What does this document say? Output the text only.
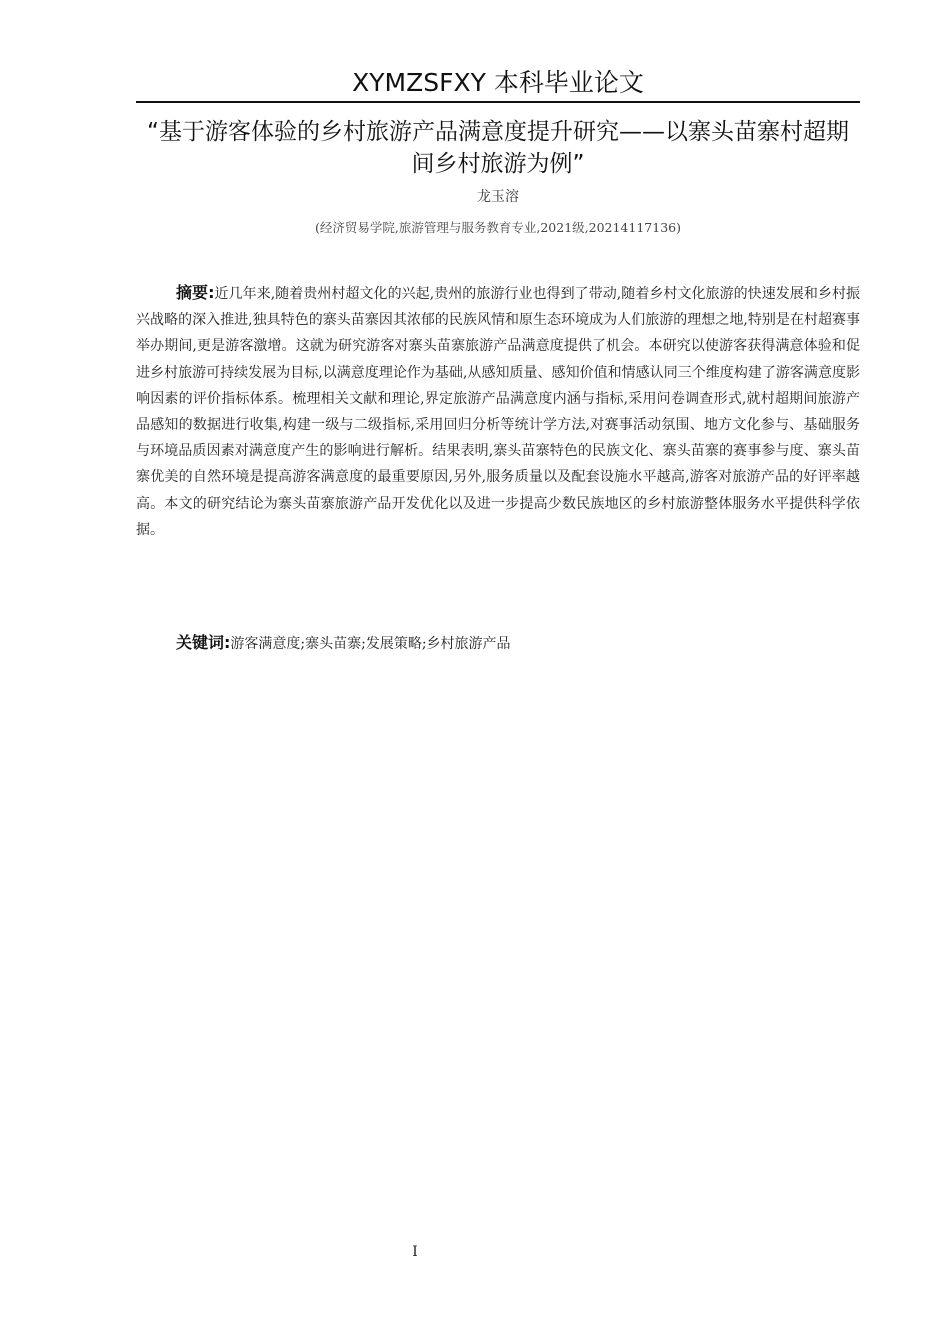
XYMZSFXY 本科毕业论文
“基于游客体验的乡村旅游产品满意度提升研究——以寨头苗寨村超期间乡村旅游为例”
龙玉溶
(经济贸易学院,旅游管理与服务教育专业,2021级,20214117136)

摘要:近几年来,随着贵州村超文化的兴起,贵州的旅游行业也得到了带动,随着乡村文化旅游的快速发展和乡村振兴战略的深入推进,独具特色的寨头苗寨因其浓郁的民族风情和原生态环境成为人们旅游的理想之地,特别是在村超赛事举办期间,更是游客激增。这就为研究游客对寨头苗寨旅游产品满意度提供了机会。本研究以使游客获得满意体验和促进乡村旅游可持续发展为目标,以满意度理论作为基础,从感知质量、感知价值和情感认同三个维度构建了游客满意度影响因素的评价指标体系。梳理相关文献和理论,界定旅游产品满意度内涵与指标,采用问卷调查形式,就村超期间旅游产品感知的数据进行收集,构建一级与二级指标,采用回归分析等统计学方法,对赛事活动氛围、地方文化参与、基础服务与环境品质因素对满意度产生的影响进行解析。结果表明,寨头苗寨特色的民族文化、寨头苗寨的赛事参与度、寨头苗寨优美的自然环境是提高游客满意度的最重要原因,另外,服务质量以及配套设施水平越高,游客对旅游产品的好评率越高。本文的研究结论为寨头苗寨旅游产品开发优化以及进一步提高少数民族地区的乡村旅游整体服务水平提供科学依据。

关键词:游客满意度;寨头苗寨;发展策略;乡村旅游产品

I
